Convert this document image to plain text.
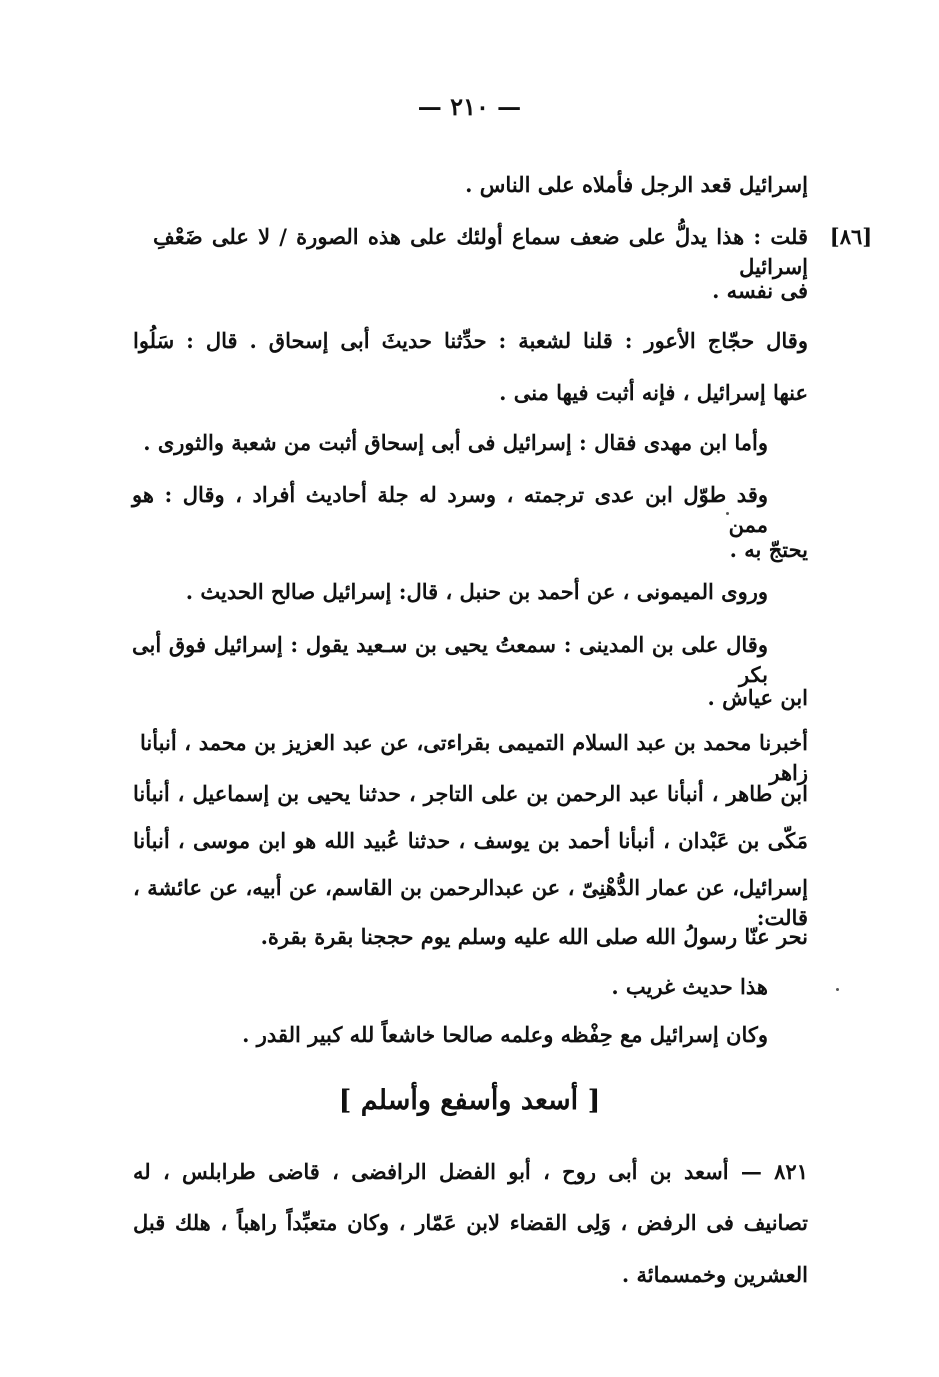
— ٢١٠ —
[٨٦]
إسرائيل قعد الرجل فأملاه على الناس .
قلت : هذا يدلُّ على ضعف سماع أولئك على هذه الصورة / لا على ضَعْفِ إسرائيل
فى نفسه .
وقال حجّاج الأعور : قلنا لشعبة : حدِّثنا حديثَ أبى إسحاق . قال : سَلُوا
عنها إسرائيل ، فإنه أثبت فيها منى .
وأما ابن مهدى فقال : إسرائيل فى أبى إسحاق أثبت من شعبة والثورى .
وقد طوّل ابن عدى ترجمته ، وسرد له جلة أحاديث أفراد ، وقال : هو ممن
يحتجّ به .
وروى الميمونى ، عن أحمد بن حنبل ، قال: إسرائيل صالح الحديث .
وقال على بن المدينى : سمعتُ يحيى بن سـعيد يقول : إسرائيل فوق أبى بكر
ابن عياش .
أخبرنا محمد بن عبد السلام التميمى بقراءتى، عن عبد العزيز بن محمد ، أنبأنا زاهر
ابن طاهر ، أنبأنا عبد الرحمن بن على التاجر ، حدثنا يحيى بن إسماعيل ، أنبأنا
مَكّى بن عَبْدان ، أنبأنا أحمد بن يوسف ، حدثنا عُبيد الله هو ابن موسى ، أنبأنا
إسرائيل، عن عمار الدُّهْنِىّ ، عن عبدالرحمن بن القاسم، عن أبيه، عن عائشة ، قالت:
نحر عنّا رسولُ الله صلى الله عليه وسلم يوم حججنا بقرة بقرة.
هذا حديث غريب .
وكان إسرائيل مع حِفْظه وعلمه صالحا خاشعاً لله كبير القدر .
[ أسعد وأسفع وأسلم ]
٨٢١ — أسعد بن أبى روح ، أبو الفضل الرافضى ، قاضى طرابلس ، له
تصانيف فى الرفض ، وَلِى القضاء لابن عَمّار ، وكان متعبِّداً راهباً ، هلك قبل
العشرين وخمسمائة .
